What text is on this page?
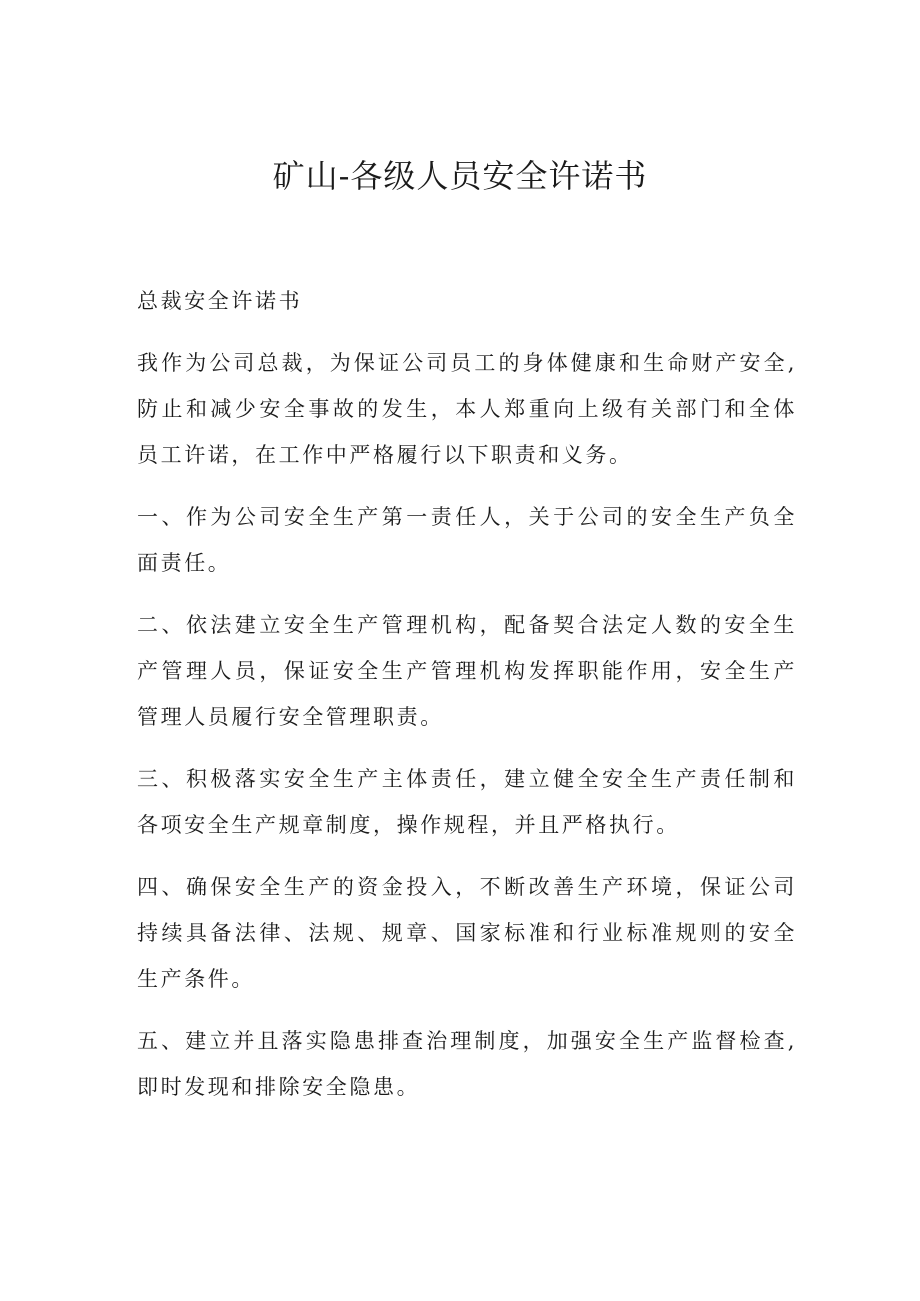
矿山-各级人员安全许诺书

总裁安全许诺书

我作为公司总裁，为保证公司员工的身体健康和生命财产安全,防止和减少安全事故的发生，本人郑重向上级有关部门和全体员工许诺，在工作中严格履行以下职责和义务。

一、作为公司安全生产第一责任人，关于公司的安全生产负全面责任。

二、依法建立安全生产管理机构，配备契合法定人数的安全生产管理人员，保证安全生产管理机构发挥职能作用，安全生产管理人员履行安全管理职责。

三、积极落实安全生产主体责任，建立健全安全生产责任制和各项安全生产规章制度，操作规程，并且严格执行。

四、确保安全生产的资金投入，不断改善生产环境，保证公司持续具备法律、法规、规章、国家标准和行业标准规则的安全生产条件。

五、建立并且落实隐患排查治理制度，加强安全生产监督检查,即时发现和排除安全隐患。
